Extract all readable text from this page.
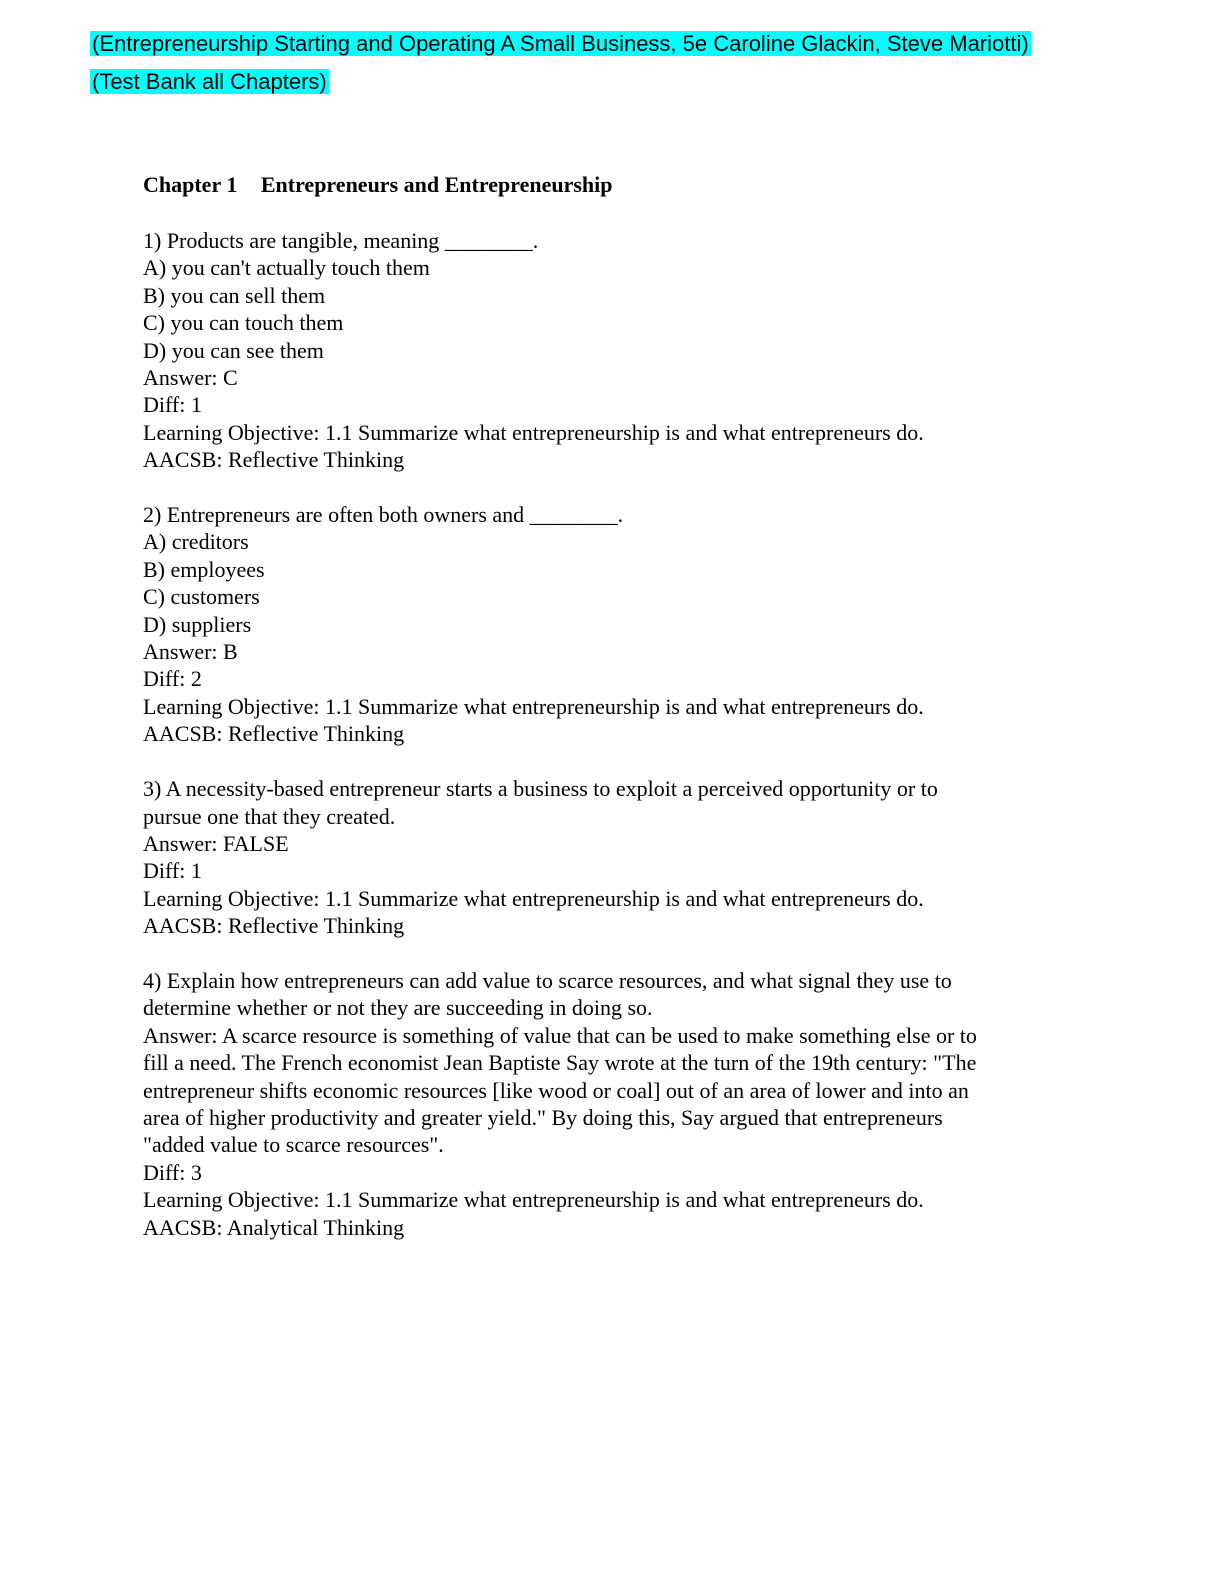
(Entrepreneurship Starting and Operating A Small Business, 5e Caroline Glackin, Steve Mariotti)
(Test Bank all Chapters)
Chapter 1 Entrepreneurs and Entrepreneurship
1) Products are tangible, meaning ________.
A) you can't actually touch them
B) you can sell them
C) you can touch them
D) you can see them
Answer: C
Diff: 1
Learning Objective: 1.1 Summarize what entrepreneurship is and what entrepreneurs do.
AACSB: Reflective Thinking
2) Entrepreneurs are often both owners and ________.
A) creditors
B) employees
C) customers
D) suppliers
Answer: B
Diff: 2
Learning Objective: 1.1 Summarize what entrepreneurship is and what entrepreneurs do.
AACSB: Reflective Thinking
3) A necessity-based entrepreneur starts a business to exploit a perceived opportunity or to
pursue one that they created.
Answer: FALSE
Diff: 1
Learning Objective: 1.1 Summarize what entrepreneurship is and what entrepreneurs do.
AACSB: Reflective Thinking
4) Explain how entrepreneurs can add value to scarce resources, and what signal they use to
determine whether or not they are succeeding in doing so.
Answer: A scarce resource is something of value that can be used to make something else or to
fill a need. The French economist Jean Baptiste Say wrote at the turn of the 19th century: "The
entrepreneur shifts economic resources [like wood or coal] out of an area of lower and into an
area of higher productivity and greater yield." By doing this, Say argued that entrepreneurs
"added value to scarce resources".
Diff: 3
Learning Objective: 1.1 Summarize what entrepreneurship is and what entrepreneurs do.
AACSB: Analytical Thinking
